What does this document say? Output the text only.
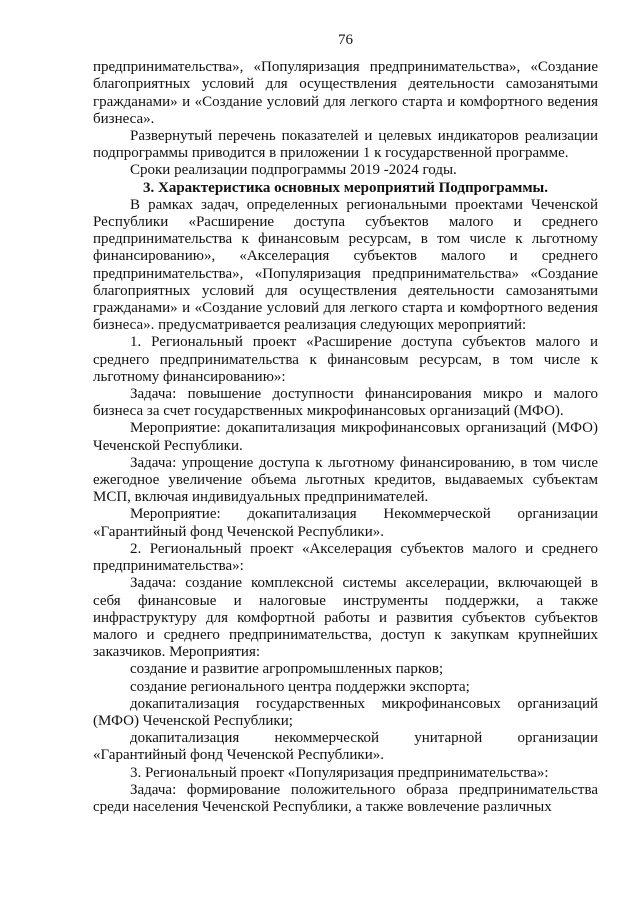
76

предпринимательства», «Популяризация предпринимательства», «Создание благоприятных условий для осуществления деятельности самозанятыми гражданами» и «Создание условий для легкого старта и комфортного ведения бизнеса».

Развернутый перечень показателей и целевых индикаторов реализации подпрограммы приводится в приложении 1 к государственной программе.

Сроки реализации подпрограммы 2019 -2024 годы.

3. Характеристика основных мероприятий Подпрограммы.

В рамках задач, определенных региональными проектами Чеченской Республики «Расширение доступа субъектов малого и среднего предпринимательства к финансовым ресурсам, в том числе к льготному финансированию», «Акселерация субъектов малого и среднего предпринимательства», «Популяризация предпринимательства» «Создание благоприятных условий для осуществления деятельности самозанятыми гражданами» и «Создание условий для легкого старта и комфортного ведения бизнеса». предусматривается реализация следующих мероприятий:

1. Региональный проект «Расширение доступа субъектов малого и среднего предпринимательства к финансовым ресурсам, в том числе к льготному финансированию»:

Задача: повышение доступности финансирования микро и малого бизнеса за счет государственных микрофинансовых организаций (МФО).

Мероприятие: докапитализация микрофинансовых организаций (МФО) Чеченской Республики.

Задача: упрощение доступа к льготному финансированию, в том числе ежегодное увеличение объема льготных кредитов, выдаваемых субъектам МСП, включая индивидуальных предпринимателей.

Мероприятие: докапитализация Некоммерческой организации «Гарантийный фонд Чеченской Республики».

2. Региональный проект «Акселерация субъектов малого и среднего предпринимательства»:

Задача: создание комплексной системы акселерации, включающей в себя финансовые и налоговые инструменты поддержки, а также инфраструктуру для комфортной работы и развития субъектов субъектов малого и среднего предпринимательства, доступ к закупкам крупнейших заказчиков. Мероприятия:

создание и развитие агропромышленных парков;

создание регионального центра поддержки экспорта;

докапитализация государственных микрофинансовых организаций (МФО) Чеченской Республики;

докапитализация некоммерческой унитарной организации «Гарантийный фонд Чеченской Республики».

3. Региональный проект «Популяризация предпринимательства»:

Задача: формирование положительного образа предпринимательства среди населения Чеченской Республики, а также вовлечение различных
